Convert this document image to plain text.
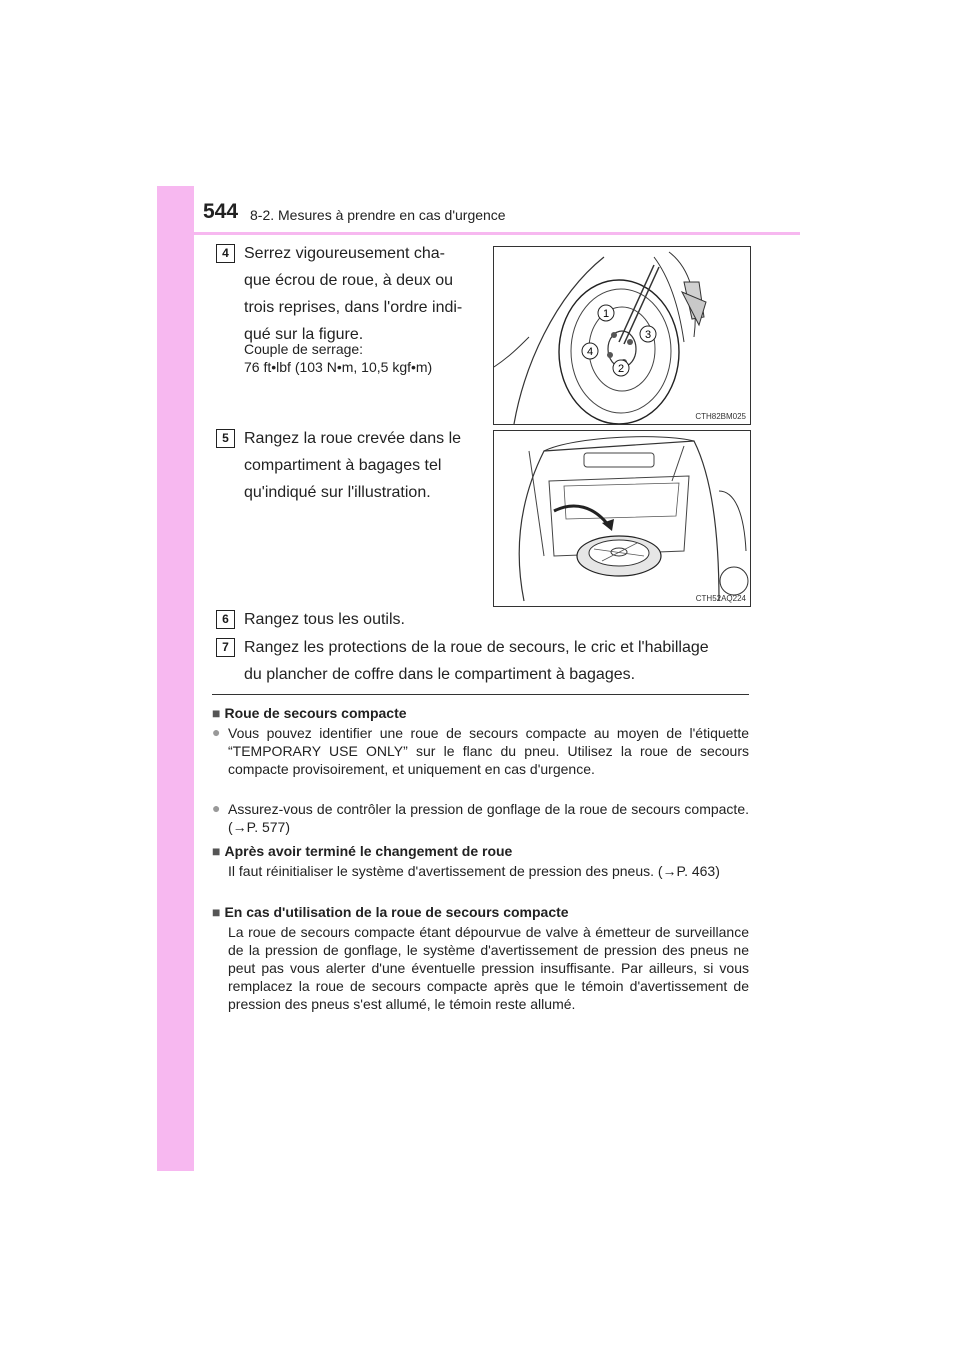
544 8-2. Mesures à prendre en cas d'urgence
4 Serrez vigoureusement cha-
que écrou de roue, à deux ou
trois reprises, dans l'ordre indi-
qué sur la figure.
Couple de serrage:
76 ft•lbf (103 N•m, 10,5 kgf•m)
1
3
2
4
CTH82BM025
5 Rangez la roue crevée dans le
compartiment à bagages tel
qu'indiqué sur l'illustration.
CTH52AQ224
6 Rangez tous les outils.
7 Rangez les protections de la roue de secours, le cric et l'habillage
du plancher de coffre dans le compartiment à bagages.
■ Roue de secours compacte
● Vous pouvez identifier une roue de secours compacte au moyen de l'étiquette “TEMPORARY USE ONLY” sur le flanc du pneu. Utilisez la roue de secours compacte provisoirement, et uniquement en cas d'urgence.
● Assurez-vous de contrôler la pression de gonflage de la roue de secours compacte. (→P. 577)
■ Après avoir terminé le changement de roue
Il faut réinitialiser le système d'avertissement de pression des pneus. (→P. 463)
■ En cas d'utilisation de la roue de secours compacte
La roue de secours compacte étant dépourvue de valve à émetteur de surveillance de la pression de gonflage, le système d'avertissement de pression des pneus ne peut pas vous alerter d'une éventuelle pression insuffisante. Par ailleurs, si vous remplacez la roue de secours compacte après que le témoin d'avertissement de pression des pneus s'est allumé, le témoin reste allumé.
